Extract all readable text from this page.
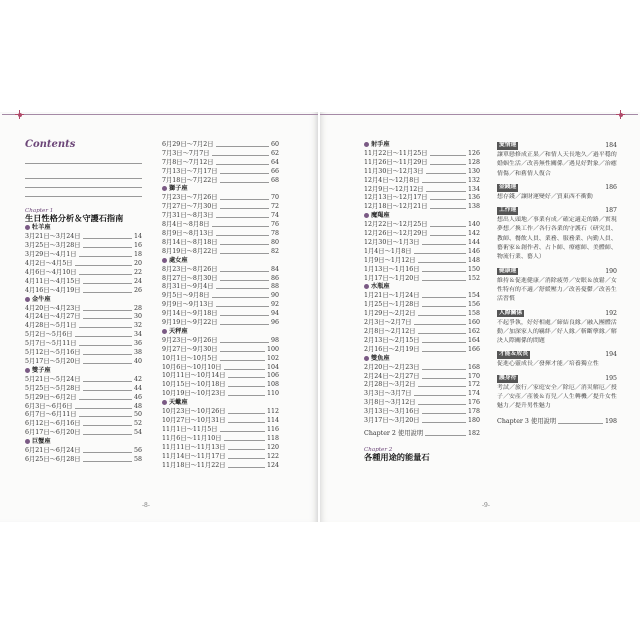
Contents
Chapter 1
生日性格分析＆守護石指南
牡羊座
3月21日～3月24日	14
3月25日～3月28日	16
3月29日～4月1日	18
4月2日～4月5日	20
4月6日～4月10日	22
4月11日～4月15日	24
4月16日～4月19日	26
金牛座
4月20日～4月23日	28
4月24日～4月27日	30
4月28日～5月1日	32
5月2日～5月6日	34
5月7日～5月11日	36
5月12日～5月16日	38
5月17日～5月20日	40
雙子座
5月21日～5月24日	42
5月25日～5月28日	44
5月29日～6月2日	46
6月3日～6月6日	48
6月7日～6月11日	50
6月12日～6月16日	52
6月17日～6月20日	54
巨蟹座
6月21日～6月24日	56
6月25日～6月28日	58
6月29日～7月2日	60
7月3日～7月7日	62
7月8日～7月12日	64
7月13日～7月17日	66
7月18日～7月22日	68
獅子座
7月23日～7月26日	70
7月27日～7月30日	72
7月31日～8月3日	74
8月4日～8月8日	76
8月9日～8月13日	78
8月14日～8月18日	80
8月19日～8月22日	82
處女座
8月23日～8月26日	84
8月27日～8月30日	86
8月31日～9月4日	88
9月5日～9月8日	90
9月9日～9月13日	92
9月14日～9月18日	94
9月19日～9月22日	96
天秤座
9月23日～9月26日	98
9月27日～9月30日	100
10月1日～10月5日	102
10月6日～10月10日	104
10月11日～10月14日	106
10月15日～10月18日	108
10月19日～10月23日	110
天蠍座
10月23日～10月26日	112
10月27日～10月31日	114
11月1日～11月5日	116
11月6日～11月10日	118
11月11日～11月13日	120
11月14日～11月17日	122
11月18日～11月22日	124
-8-
射手座
11月22日～11月25日	126
11月26日～11月29日	128
11月30日～12月3日	130
12月4日～12月8日	132
12月9日～12月12日	134
12月13日～12月17日	136
12月18日～12月21日	138
魔羯座
12月22日～12月25日	140
12月26日～12月29日	142
12月30日～1月3日	144
1月4日～1月8日	146
1月9日～1月12日	148
1月13日～1月16日	150
1月17日～1月20日	152
水瓶座
1月21日～1月24日	154
1月25日～1月28日	156
1月29日～2月2日	158
2月3日～2月7日	160
2月8日～2月12日	162
2月13日～2月15日	164
2月16日～2月19日	166
雙魚座
2月20日～2月23日	168
2月24日～2月27日	170
2月28日～3月2日	172
3月3日～3月7日	174
3月8日～3月12日	176
3月13日～3月16日	178
3月17日～3月20日	180
Chapter 2 使用說明	182
Chapter 2
各種用途的能量石
愛情運	184
讓單戀修成正果／和情人天長地久／過平穩的婚姻生活／改善無性關係／遇見好對象／治癒情傷／和舊情人復合
金錢運	186
想存錢／讓財運變好／買東西不衝動
工作運	187
想出人頭地／事業有成／確定適走的路／實現夢想／換工作／各行各業的守護石（研究員、教師、餐飲人員、業務、服務業、內勤人員、藝術家＆創作者、占卜師、療癒師、美體師、物流行業、藝人）
健康運	190
維持＆促進健康／消除疲勞／安眠＆放鬆／女性特有的不適／舒緩壓力／改善憂鬱／改善生活習慣
人際關係	192
不起爭執，好好相處／締結良緣／融入團體活動／加深家人的羈絆／好人緣／斬斷孽緣／解決人際關係的問題
才能＆成長	194
促進心靈成長／發揮才能／培養獨立性
護身符	195
考試／旅行／家庭安全／除厄／消災解厄／授子／安產／產後＆育兒／人生轉機／提升女性魅力／提升男性魅力
Chapter 3 使用說明	198
-9-
